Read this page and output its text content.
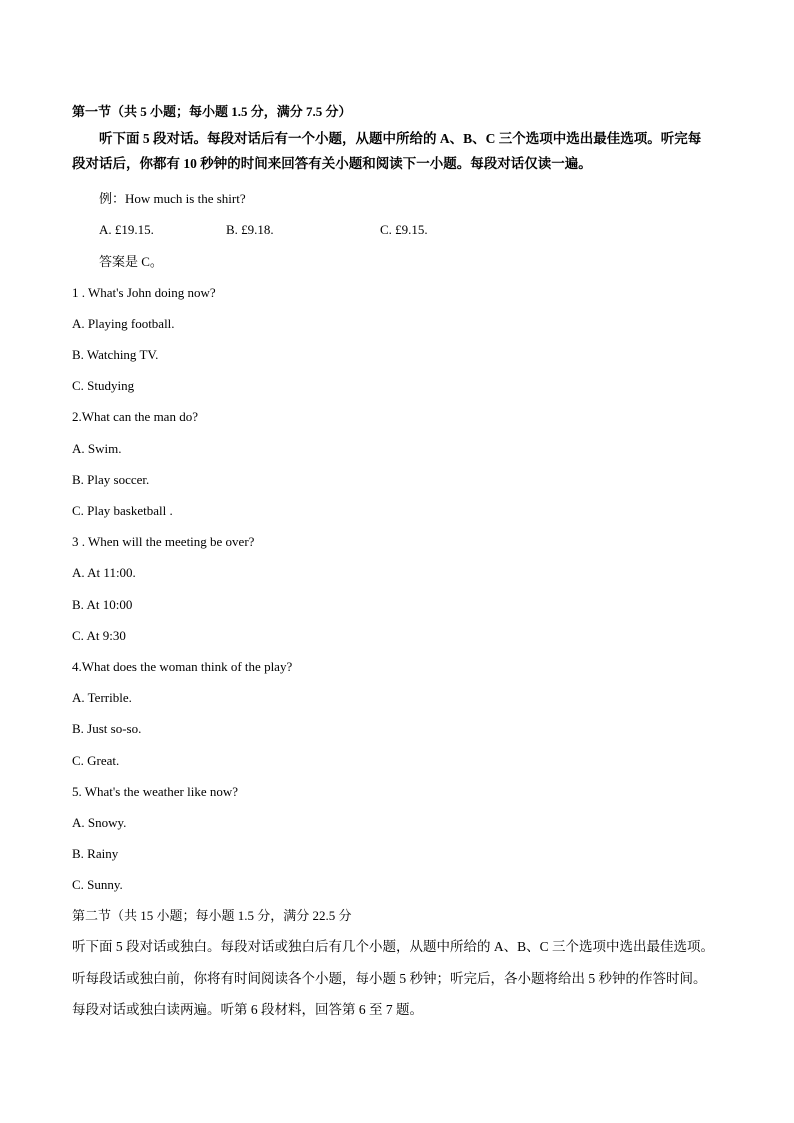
第一节（共 5 小题；每小题 1.5 分，满分 7.5 分）
听下面 5 段对话。每段对话后有一个小题，从题中所给的 A、B、C 三个选项中选出最佳选项。听完每
段对话后，你都有 10 秒钟的时间来回答有关小题和阅读下一小题。每段对话仅读一遍。
例：How much is the shirt?
A. £19.15.	B. £9.18.	C. £9.15.
答案是 C。
1 . What's John doing now?
A. Playing football.
B. Watching TV.
C. Studying
2.What can the man do?
A. Swim.
B. Play soccer.
C. Play basketball .
3 . When will the meeting be over?
A. At 11:00.
B. At 10:00
C. At 9:30
4.What does the woman think of the play?
A. Terrible.
B. Just so-so.
C. Great.
5. What's the weather like now?
A. Snowy.
B. Rainy
C. Sunny.
第二节（共 15 小题；每小题 1.5 分，满分 22.5 分
听下面 5 段对话或独白。每段对话或独白后有几个小题，从题中所给的 A、B、C 三个选项中选出最佳选项。
听每段话或独白前，你将有时间阅读各个小题，每小题 5 秒钟；听完后，各小题将给出 5 秒钟的作答时间。
每段对话或独白读两遍。听第 6 段材料，回答第 6 至 7 题。
